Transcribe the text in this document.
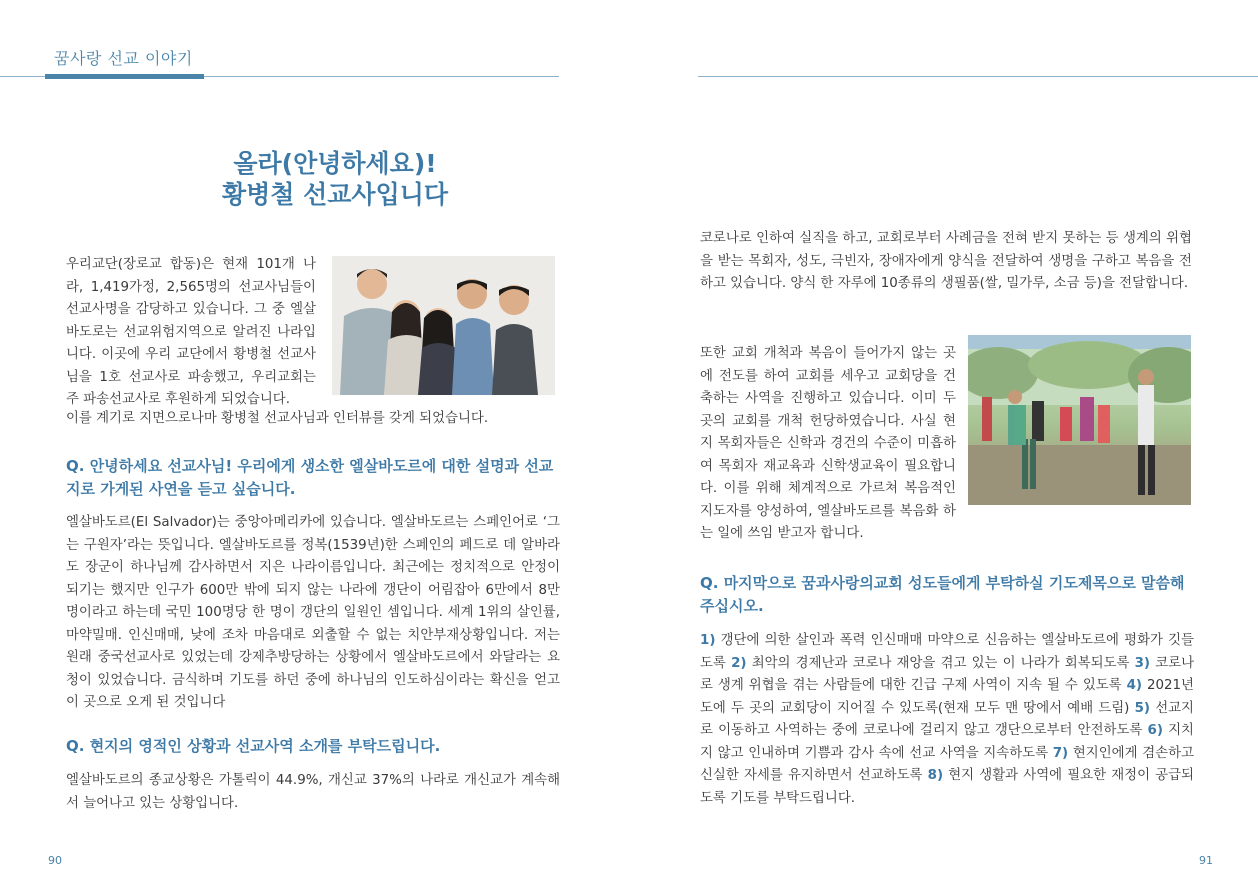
꿈사랑 선교 이야기
올라(안녕하세요)!
황병철 선교사입니다

우리교단(장로교 합동)은 현재 101개 나라, 1,419가정, 2,565명의 선교사님들이 선교사명을 감당하고 있습니다. 그 중 엘살바도로는 선교위험지역으로 알려진 나라입니다. 이곳에 우리 교단에서 황병철 선교사님을 1호 선교사로 파송했고, 우리교회는 주 파송선교사로 후원하게 되었습니다.

이를 계기로 지면으로나마 황병철 선교사님과 인터뷰를 갖게 되었습니다.

Q. 안녕하세요 선교사님! 우리에게 생소한 엘살바도르에 대한 설명과 선교지로 가게된 사연을 듣고 싶습니다.

엘살바도르(El Salvador)는 중앙아메리카에 있습니다. 엘살바도르는 스페인어로 ‘그는 구원자’라는 뜻입니다. 엘살바도르를 정복(1539년)한 스페인의 페드로 데 알바라도 장군이 하나님께 감사하면서 지은 나라이름입니다. 최근에는 정치적으로 안정이 되기는 했지만 인구가 600만 밖에 되지 않는 나라에 갱단이 어림잡아 6만에서 8만 명이라고 하는데 국민 100명당 한 명이 갱단의 일원인 셈입니다. 세계 1위의 살인률, 마약밀매. 인신매매, 낮에 조차 마음대로 외출할 수 없는 치안부재상황입니다. 저는 원래 중국선교사로 있었는데 강제추방당하는 상황에서 엘살바도르에서 와달라는 요청이 있었습니다. 금식하며 기도를 하던 중에 하나님의 인도하심이라는 확신을 얻고 이 곳으로 오게 된 것입니다

Q. 현지의 영적인 상황과 선교사역 소개를 부탁드립니다.

엘살바도르의 종교상황은 가톨릭이 44.9%, 개신교 37%의 나라로 개신교가 계속해서 늘어나고 있는 상황입니다.

코로나로 인하여 실직을 하고, 교회로부터 사례금을 전혀 받지 못하는 등 생계의 위협을 받는 목회자, 성도, 극빈자, 장애자에게 양식을 전달하여 생명을 구하고 복음을 전하고 있습니다. 양식 한 자루에 10종류의 생필품(쌀, 밀가루, 소금 등)을 전달합니다.

또한 교회 개척과 복음이 들어가지 않는 곳에 전도를 하여 교회를 세우고 교회당을 건축하는 사역을 진행하고 있습니다. 이미 두 곳의 교회를 개척 헌당하였습니다. 사실 현지 목회자들은 신학과 경건의 수준이 미흡하여 목회자 재교육과 신학생교육이 필요합니다. 이를 위해 체계적으로 가르쳐 복음적인 지도자를 양성하여, 엘살바도르를 복음화 하는 일에 쓰임 받고자 합니다.

Q. 마지막으로 꿈과사랑의교회 성도들에게 부탁하실 기도제목으로 말씀해 주십시오.

1) 갱단에 의한 살인과 폭력 인신매매 마약으로 신음하는 엘살바도르에 평화가 깃들도록 2) 최악의 경제난과 코로나 재앙을 겪고 있는 이 나라가 회복되도록 3) 코로나로 생계 위협을 겪는 사람들에 대한 긴급 구제 사역이 지속 될 수 있도록 4) 2021년도에 두 곳의 교회당이 지어질 수 있도록(현재 모두 맨 땅에서 예배 드림) 5) 선교지로 이동하고 사역하는 중에 코로나에 걸리지 않고 갱단으로부터 안전하도록 6) 지치지 않고 인내하며 기쁨과 감사 속에 선교 사역을 지속하도록 7) 현지인에게 겸손하고 신실한 자세를 유지하면서 선교하도록 8) 현지 생활과 사역에 필요한 재정이 공급되도록 기도를 부탁드립니다.

90	91
